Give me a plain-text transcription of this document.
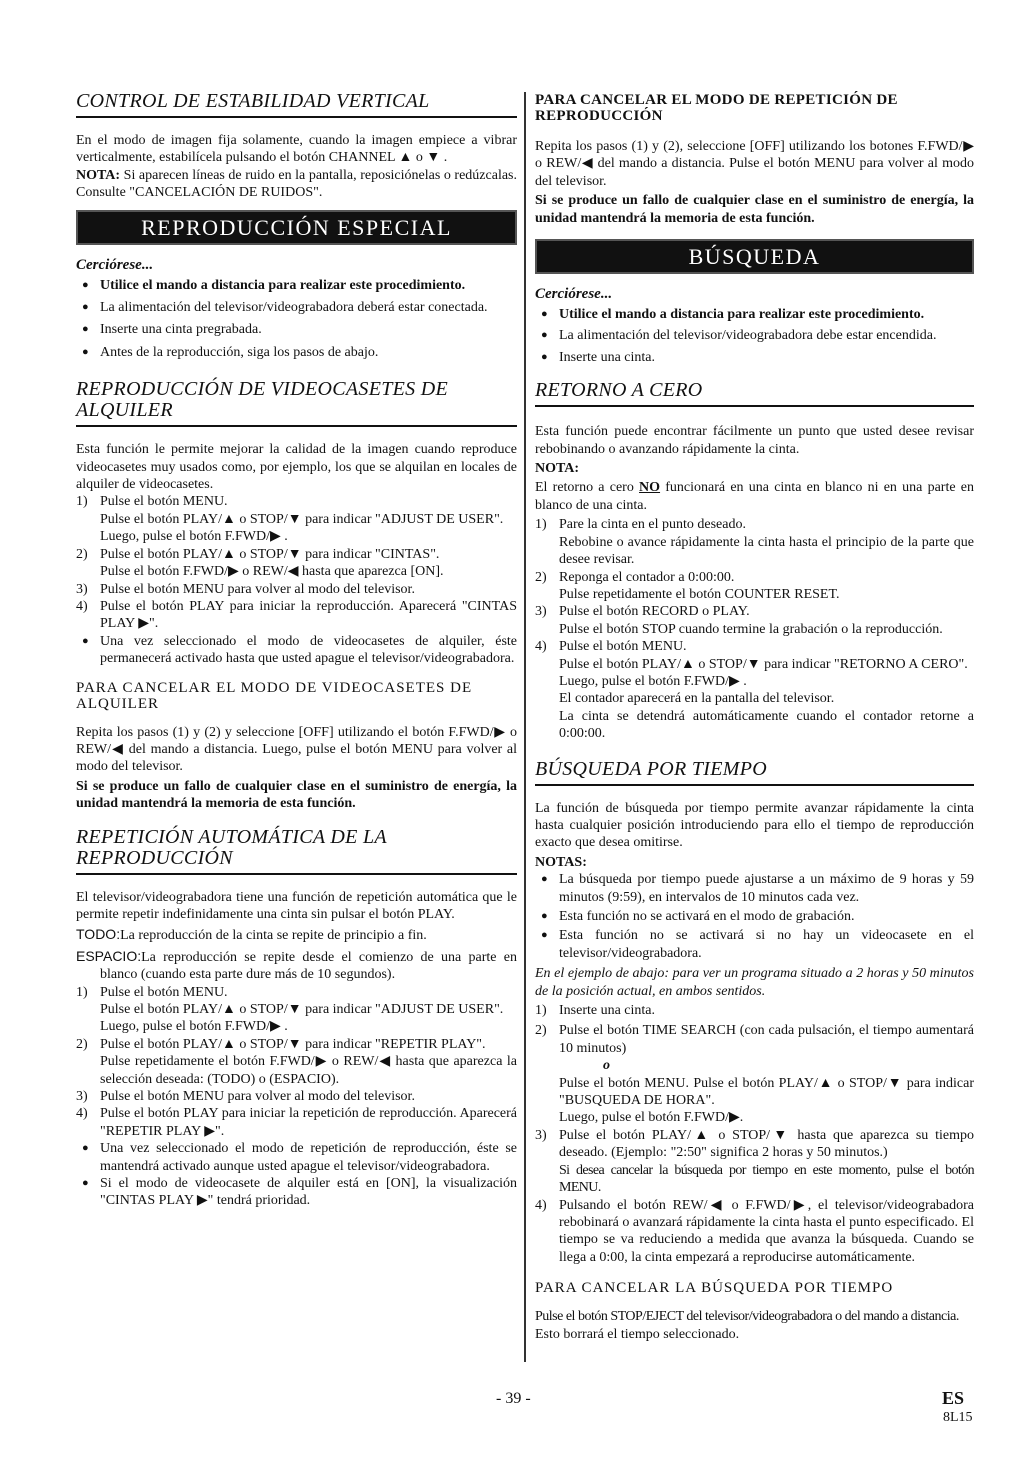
CONTROL DE ESTABILIDAD VERTICAL

En el modo de imagen fija solamente, cuando la imagen empiece a vibrar verticalmente, estabilícela pulsando el botón CHANNEL ▲ o ▼ .

NOTA: Si aparecen líneas de ruido en la pantalla, reposiciónelas o redúzcalas. Consulte "CANCELACIÓN DE RUIDOS".

REPRODUCCIÓN ESPECIAL
Cerciórese...
● Utilice el mando a distancia para realizar este procedimiento.
● La alimentación del televisor/videograbadora deberá estar conectada.
● Inserte una cinta pregrabada.
● Antes de la reproducción, siga los pasos de abajo.
REPRODUCCIÓN DE VIDEOCASETES DE ALQUILER

Esta función le permite mejorar la calidad de la imagen cuando reproduce videocasetes muy usados como, por ejemplo, los que se alquilan en locales de alquiler de videocasetes.

1) Pulse el botón MENU.
Pulse el botón PLAY/▲ o STOP/▼ para indicar "ADJUST DE USER".
Luego, pulse el botón F.FWD/▶ .
2) Pulse el botón PLAY/▲ o STOP/▼ para indicar "CINTAS".
Pulse el botón F.FWD/▶ o REW/◀ hasta que aparezca [ON].
3) Pulse el botón MENU para volver al modo del televisor.
4) Pulse el botón PLAY para iniciar la reproducción. Aparecerá "CINTAS PLAY ▶".
● Una vez seleccionado el modo de videocasetes de alquiler, éste permanecerá activado hasta que usted apague el televisor/videograbadora.
PARA CANCELAR EL MODO DE VIDEOCASETES DE ALQUILER

Repita los pasos (1) y (2) y seleccione [OFF] utilizando el botón F.FWD/▶ o REW/◀ del mando a distancia. Luego, pulse el botón MENU para volver al modo del televisor.

Si se produce un fallo de cualquier clase en el suministro de energía, la unidad mantendrá la memoria de esta función.

REPETICIÓN AUTOMÁTICA DE LA REPRODUCCIÓN

El televisor/videograbadora tiene una función de repetición automática que le permite repetir indefinidamente una cinta sin pulsar el botón PLAY.

TODO:La reproducción de la cinta se repite de principio a fin.

ESPACIO:La reproducción se repite desde el comienzo de una parte en blanco (cuando esta parte dure más de 10 segundos).

1) Pulse el botón MENU.
Pulse el botón PLAY/▲ o STOP/▼ para indicar "ADJUST DE USER".
Luego, pulse el botón F.FWD/▶ .
2) Pulse el botón PLAY/▲ o STOP/▼ para indicar "REPETIR PLAY".
Pulse repetidamente el botón F.FWD/▶ o REW/◀ hasta que aparezca la selección deseada: (TODO) o (ESPACIO).
3) Pulse el botón MENU para volver al modo del televisor.
4) Pulse el botón PLAY para iniciar la repetición de reproducción. Aparecerá "REPETIR PLAY ▶".
● Una vez seleccionado el modo de repetición de reproducción, éste se mantendrá activado aunque usted apague el televisor/videograbadora.
● Si el modo de videocasete de alquiler está en [ON], la visualización "CINTAS PLAY ▶" tendrá prioridad.
PARA CANCELAR EL MODO DE REPETICIÓN DE REPRODUCCIÓN

Repita los pasos (1) y (2), seleccione [OFF] utilizando los botones F.FWD/▶ o REW/◀ del mando a distancia. Pulse el botón MENU para volver al modo del televisor.

Si se produce un fallo de cualquier clase en el suministro de energía, la unidad mantendrá la memoria de esta función.

BÚSQUEDA
Cerciórese...
● Utilice el mando a distancia para realizar este procedimiento.
● La alimentación del televisor/videograbadora debe estar encendida.
● Inserte una cinta.
RETORNO A CERO

Esta función puede encontrar fácilmente un punto que usted desee revisar rebobinando o avanzando rápidamente la cinta.

NOTA:

El retorno a cero NO funcionará en una cinta en blanco ni en una parte en blanco de una cinta.

1) Pare la cinta en el punto deseado.
Rebobine o avance rápidamente la cinta hasta el principio de la parte que desee revisar.
2) Reponga el contador a 0:00:00.
Pulse repetidamente el botón COUNTER RESET.
3) Pulse el botón RECORD o PLAY.
Pulse el botón STOP cuando termine la grabación o la reproducción.
4) Pulse el botón MENU.
Pulse el botón PLAY/▲ o STOP/▼ para indicar "RETORNO A CERO".
Luego, pulse el botón F.FWD/▶ .
El contador aparecerá en la pantalla del televisor.
La cinta se detendrá automáticamente cuando el contador retorne a 0:00:00.
BÚSQUEDA POR TIEMPO

La función de búsqueda por tiempo permite avanzar rápidamente la cinta hasta cualquier posición introduciendo para ello el tiempo de reproducción exacto que desea omitirse.

NOTAS:

● La búsqueda por tiempo puede ajustarse a un máximo de 9 horas y 59 minutos (9:59), en intervalos de 10 minutos cada vez.
● Esta función no se activará en el modo de grabación.
● Esta función no se activará si no hay un videocasete en el televisor/videograbadora.

En el ejemplo de abajo: para ver un programa situado a 2 horas y 50 minutos de la posición actual, en ambos sentidos.

1) Inserte una cinta.
2) Pulse el botón TIME SEARCH (con cada pulsación, el tiempo aumentará 10 minutos)
o
Pulse el botón MENU. Pulse el botón PLAY/▲ o STOP/▼ para indicar "BUSQUEDA DE HORA".
Luego, pulse el botón F.FWD/▶.
3) Pulse el botón PLAY/▲ o STOP/▼ hasta que aparezca su tiempo deseado. (Ejemplo: "2:50" significa 2 horas y 50 minutos.)
Si desea cancelar la búsqueda por tiempo en este momento, pulse el botón MENU.
4) Pulsando el botón REW/◀ o F.FWD/▶, el televisor/videograbadora rebobinará o avanzará rápidamente la cinta hasta el punto especificado. El tiempo se va reduciendo a medida que avanza la búsqueda. Cuando se llega a 0:00, la cinta empezará a reproducirse automáticamente.
PARA CANCELAR LA BÚSQUEDA POR TIEMPO

Pulse el botón STOP/EJECT del televisor/videograbadora o del mando a distancia.

Esto borrará el tiempo seleccionado.

- 39 -	ES
8L15
